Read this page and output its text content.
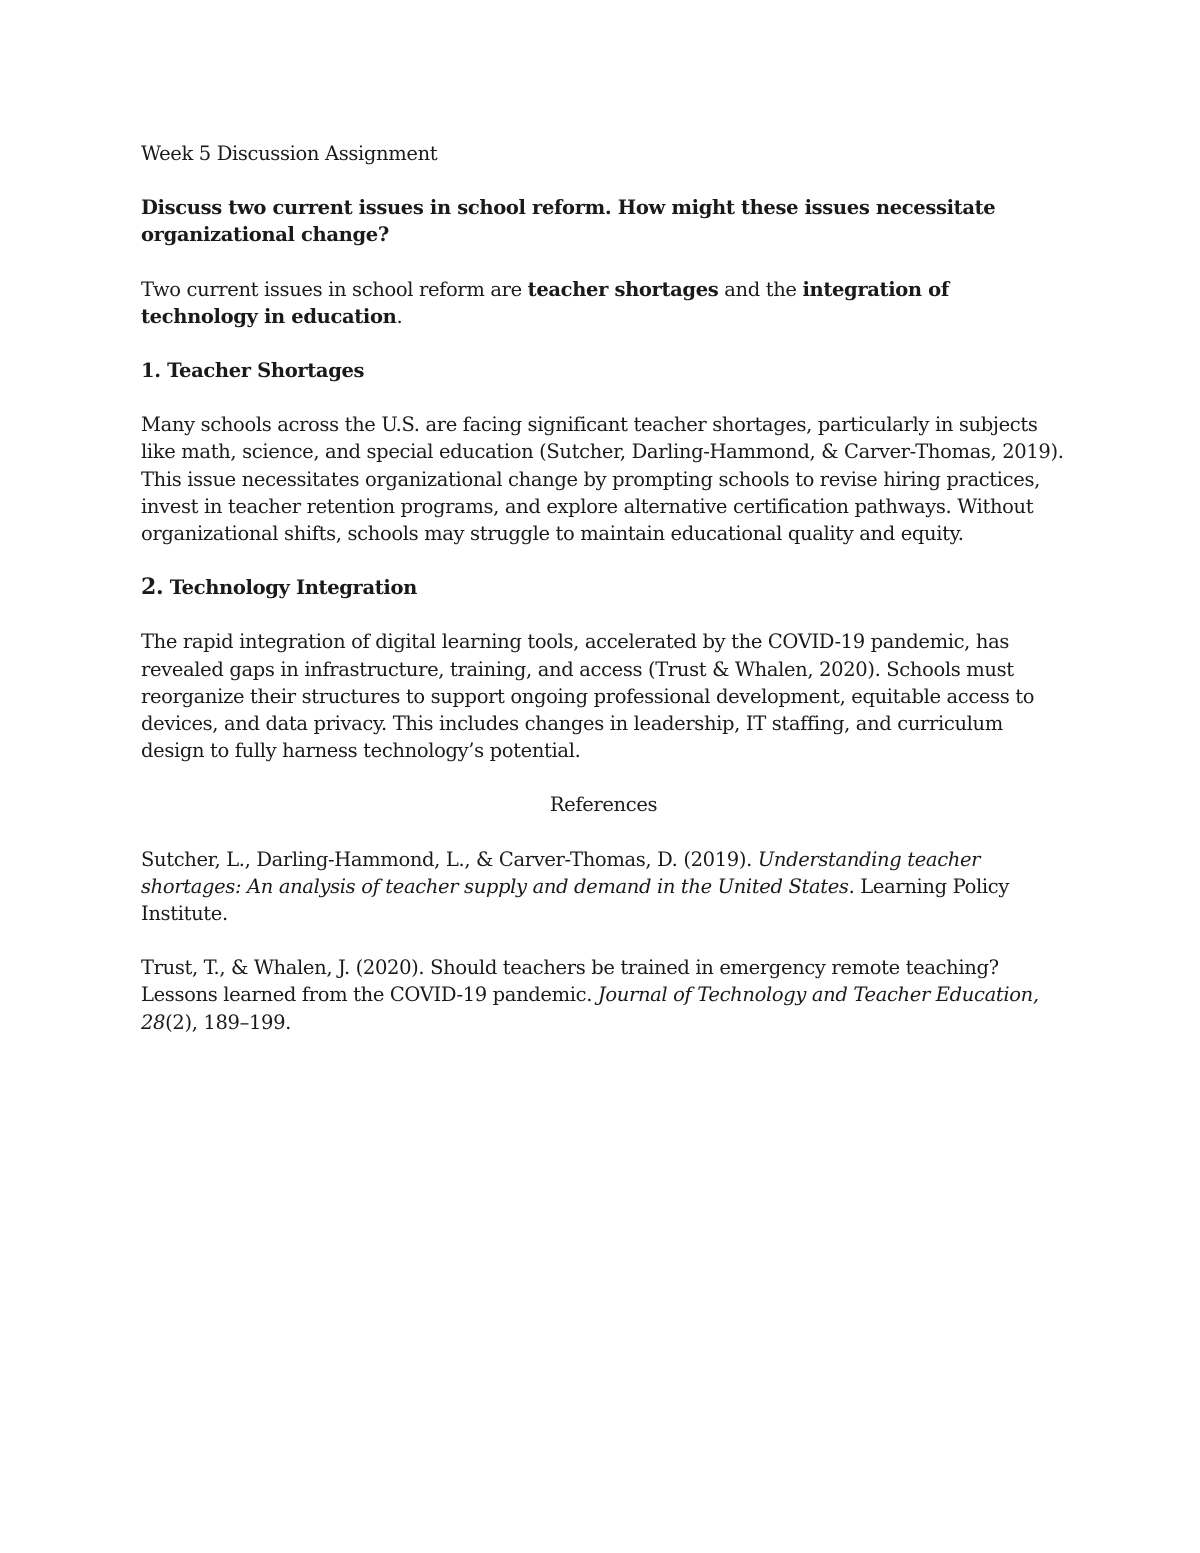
Week 5 Discussion Assignment

Discuss two current issues in school reform. How might these issues necessitate organizational change?

Two current issues in school reform are teacher shortages and the integration of technology in education.

1. Teacher Shortages

Many schools across the U.S. are facing significant teacher shortages, particularly in subjects like math, science, and special education (Sutcher, Darling-Hammond, & Carver-Thomas, 2019). This issue necessitates organizational change by prompting schools to revise hiring practices, invest in teacher retention programs, and explore alternative certification pathways. Without organizational shifts, schools may struggle to maintain educational quality and equity.

2. Technology Integration

The rapid integration of digital learning tools, accelerated by the COVID-19 pandemic, has revealed gaps in infrastructure, training, and access (Trust & Whalen, 2020). Schools must reorganize their structures to support ongoing professional development, equitable access to devices, and data privacy. This includes changes in leadership, IT staffing, and curriculum design to fully harness technology’s potential.

References

Sutcher, L., Darling-Hammond, L., & Carver-Thomas, D. (2019). Understanding teacher shortages: An analysis of teacher supply and demand in the United States. Learning Policy Institute.

Trust, T., & Whalen, J. (2020). Should teachers be trained in emergency remote teaching? Lessons learned from the COVID-19 pandemic. Journal of Technology and Teacher Education, 28(2), 189–199.
